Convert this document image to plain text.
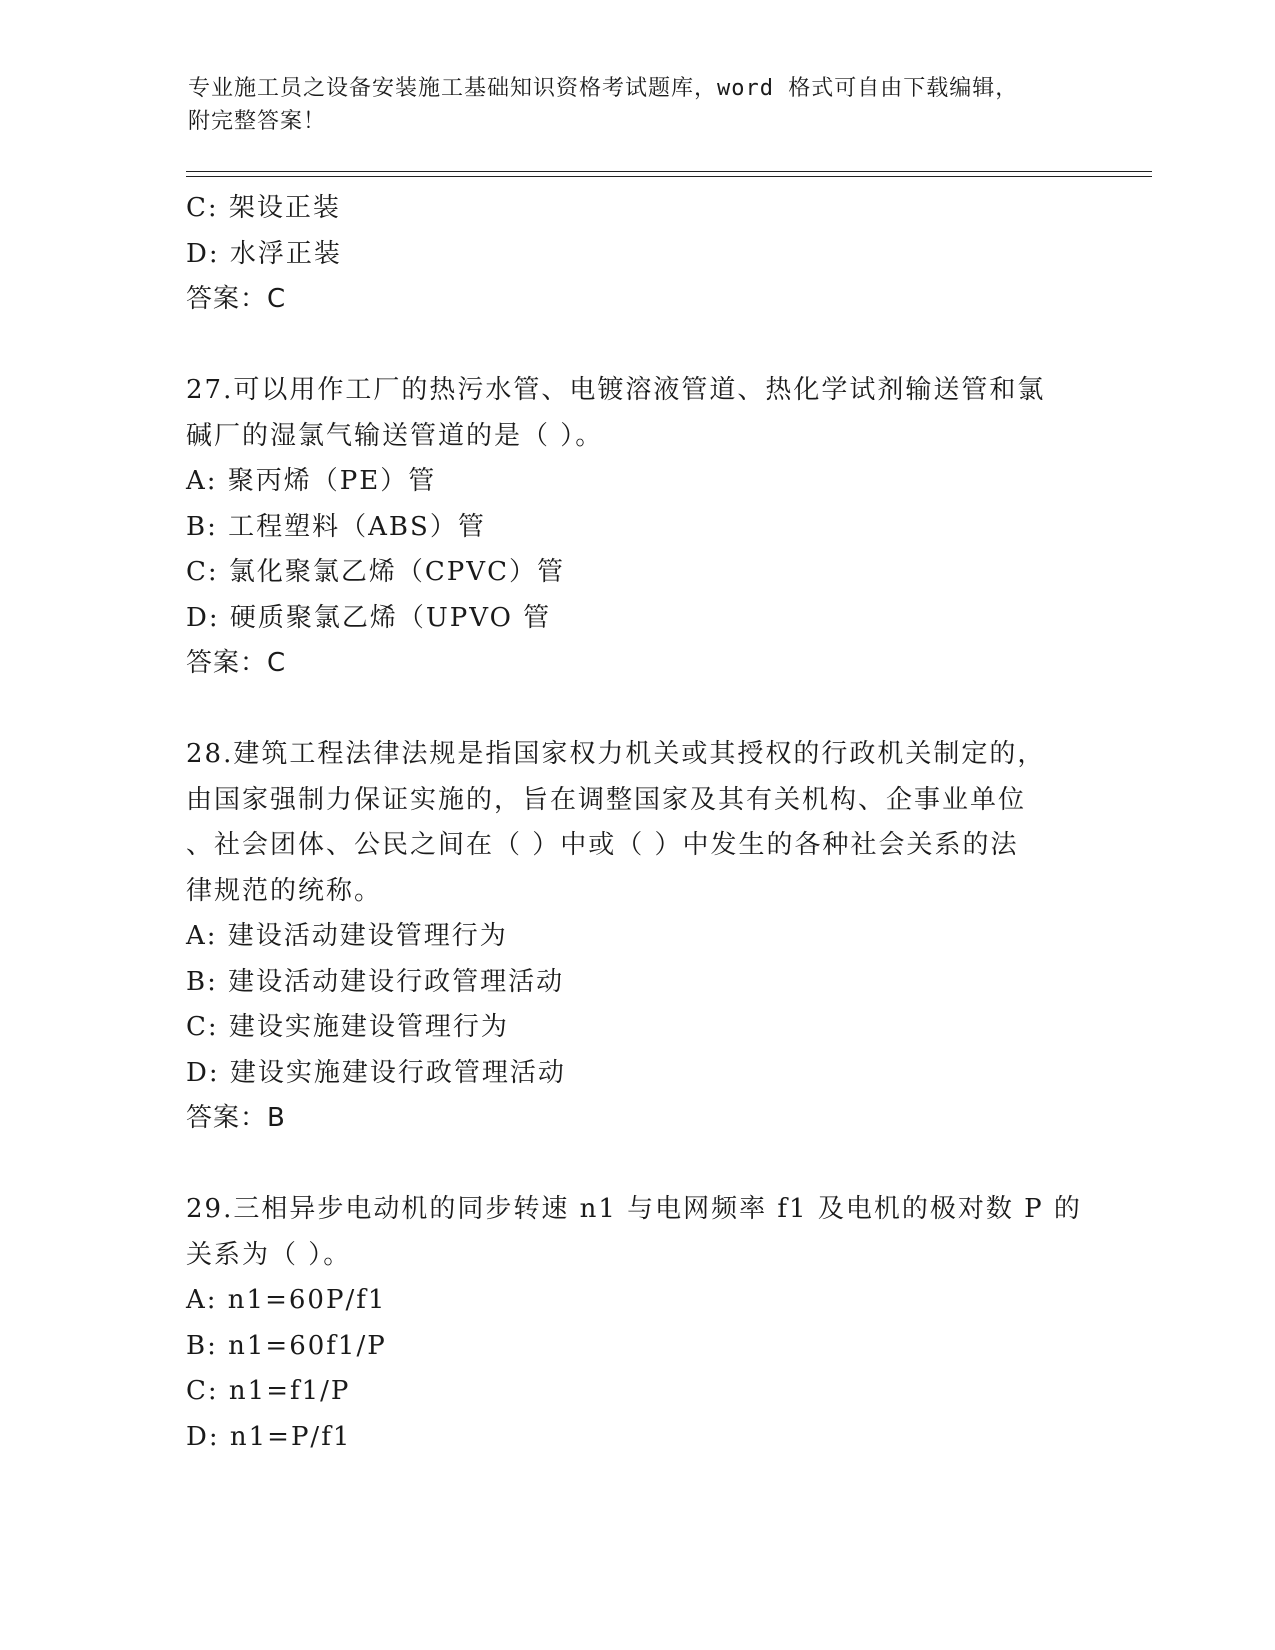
专业施工员之设备安装施工基础知识资格考试题库，word 格式可自由下载编辑，
附完整答案！
C: 架设正装
D: 水浮正装
答案：C
27.可以用作工厂的热污水管、电镀溶液管道、热化学试剂输送管和氯
碱厂的湿氯气输送管道的是（ ）。
A: 聚丙烯（PE）管
B: 工程塑料（ABS）管
C: 氯化聚氯乙烯（CPVC）管
D: 硬质聚氯乙烯（UPVO 管
答案：C
28.建筑工程法律法规是指国家权力机关或其授权的行政机关制定的，
由国家强制力保证实施的，旨在调整国家及其有关机构、企事业单位
、社会团体、公民之间在（ ）中或（ ）中发生的各种社会关系的法
律规范的统称。
A: 建设活动建设管理行为
B: 建设活动建设行政管理活动
C: 建设实施建设管理行为
D: 建设实施建设行政管理活动
答案：B
29.三相异步电动机的同步转速 n1 与电网频率 f1 及电机的极对数 P 的
关系为（ ）。
A: n1=60P/f1
B: n1=60f1/P
C: n1=f1/P
D: n1=P/f1
